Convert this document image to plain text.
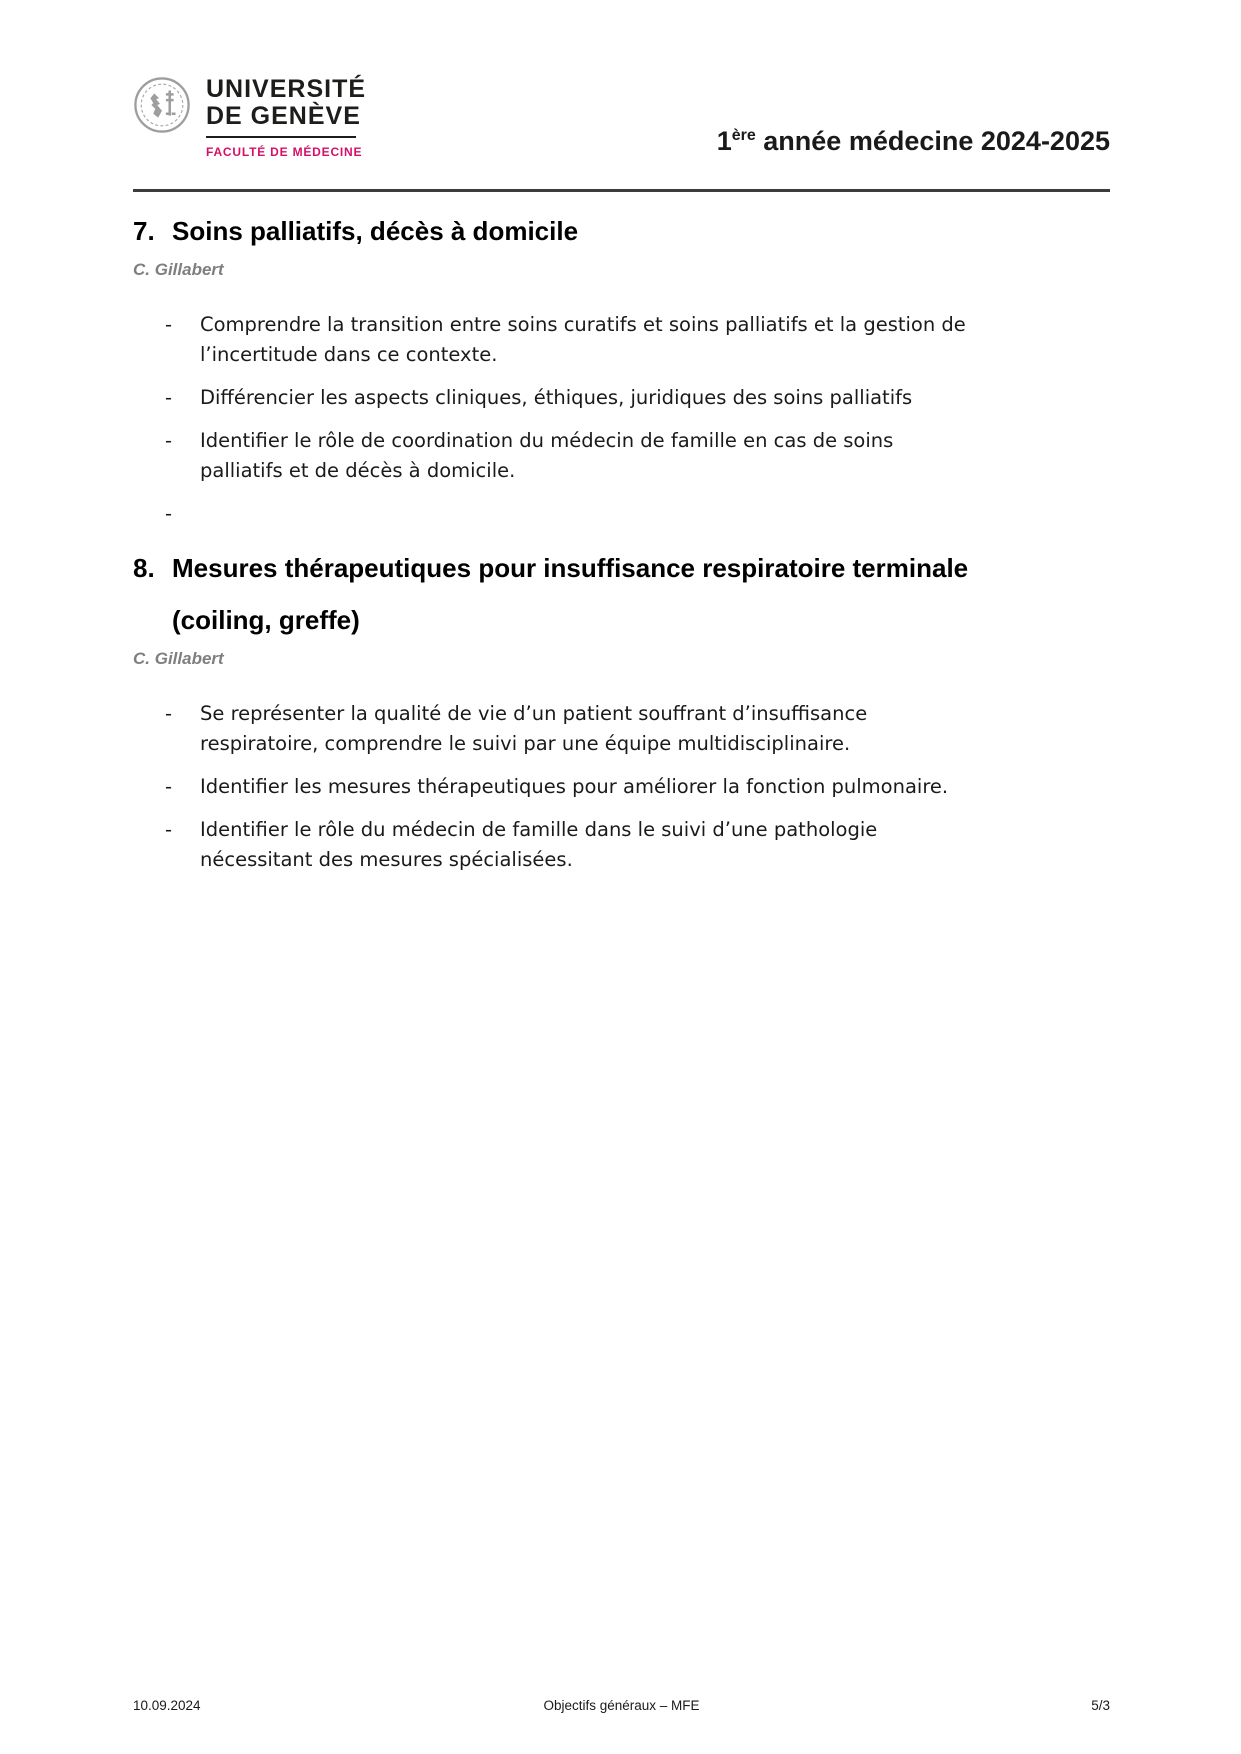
UNIVERSITÉ
DE GENÈVE
FACULTÉ DE MÉDECINE	1ère année médecine 2024-2025
7. Soins palliatifs, décès à domicile
C. Gillabert
-	Comprendre la transition entre soins curatifs et soins palliatifs et la gestion de l’incertitude dans ce contexte.
-	Différencier les aspects cliniques, éthiques, juridiques des soins palliatifs
-	Identifier le rôle de coordination du médecin de famille en cas de soins palliatifs et de décès à domicile.
-
8. Mesures thérapeutiques pour insuffisance respiratoire terminale
(coiling, greffe)
C. Gillabert
-	Se représenter la qualité de vie d’un patient souffrant d’insuffisance respiratoire, comprendre le suivi par une équipe multidisciplinaire.
-	Identifier les mesures thérapeutiques pour améliorer la fonction pulmonaire.
-	Identifier le rôle du médecin de famille dans le suivi d’une pathologie nécessitant des mesures spécialisées.
10.09.2024	Objectifs généraux – MFE	5/3
